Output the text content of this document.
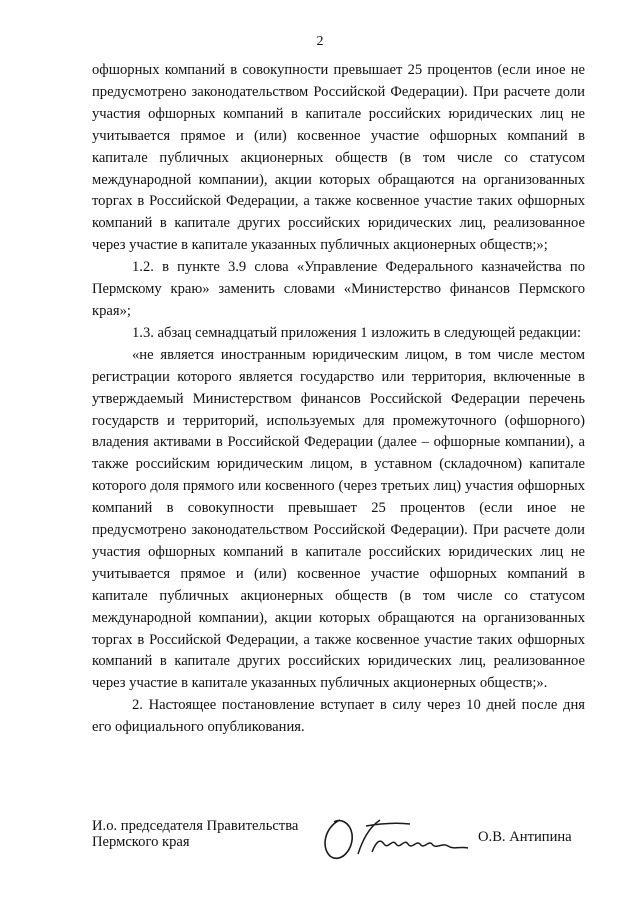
2

офшорных компаний в совокупности превышает 25 процентов (если иное не предусмотрено законодательством Российской Федерации). При расчете доли участия офшорных компаний в капитале российских юридических лиц не учитывается прямое и (или) косвенное участие офшорных компаний в капитале публичных акционерных обществ (в том числе со статусом международной компании), акции которых обращаются на организованных торгах в Российской Федерации, а также косвенное участие таких офшорных компаний в капитале других российских юридических лиц, реализованное через участие в капитале указанных публичных акционерных обществ;»;

1.2. в пункте 3.9 слова «Управление Федерального казначейства по Пермскому краю» заменить словами «Министерство финансов Пермского края»;

1.3. абзац семнадцатый приложения 1 изложить в следующей редакции:

«не является иностранным юридическим лицом, в том числе местом регистрации которого является государство или территория, включенные в утверждаемый Министерством финансов Российской Федерации перечень государств и территорий, используемых для промежуточного (офшорного) владения активами в Российской Федерации (далее – офшорные компании), а также российским юридическим лицом, в уставном (складочном) капитале которого доля прямого или косвенного (через третьих лиц) участия офшорных компаний в совокупности превышает 25 процентов (если иное не предусмотрено законодательством Российской Федерации). При расчете доли участия офшорных компаний в капитале российских юридических лиц не учитывается прямое и (или) косвенное участие офшорных компаний в капитале публичных акционерных обществ (в том числе со статусом международной компании), акции которых обращаются на организованных торгах в Российской Федерации, а также косвенное участие таких офшорных компаний в капитале других российских юридических лиц, реализованное через участие в капитале указанных публичных акционерных обществ;».

2. Настоящее постановление вступает в силу через 10 дней после дня его официального опубликования.

И.о. председателя Правительства
Пермского края	О.В. Антипина
